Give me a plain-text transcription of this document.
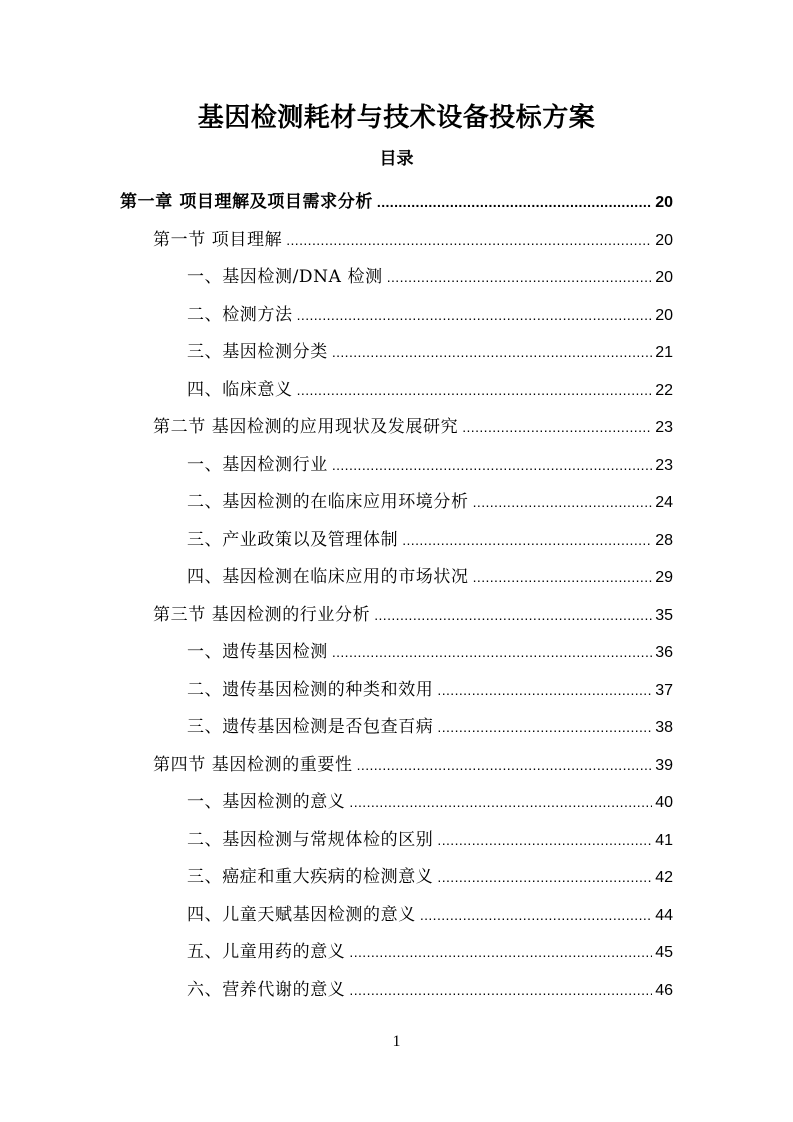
基因检测耗材与技术设备投标方案
目录
第一章 项目理解及项目需求分析 .....	20
第一节 项目理解 .....	20
一、基因检测/DNA 检测 .....	20
二、检测方法 .....	20
三、基因检测分类 .....	21
四、临床意义 .....	22
第二节 基因检测的应用现状及发展研究 .....	23
一、基因检测行业 .....	23
二、基因检测的在临床应用环境分析 .....	24
三、产业政策以及管理体制 .....	28
四、基因检测在临床应用的市场状况 .....	29
第三节 基因检测的行业分析 .....	35
一、遗传基因检测 .....	36
二、遗传基因检测的种类和效用 .....	37
三、遗传基因检测是否包查百病 .....	38
第四节 基因检测的重要性 .....	39
一、基因检测的意义 .....	40
二、基因检测与常规体检的区别 .....	41
三、癌症和重大疾病的检测意义 .....	42
四、儿童天赋基因检测的意义 .....	44
五、儿童用药的意义 .....	45
六、营养代谢的意义 .....	46
1
